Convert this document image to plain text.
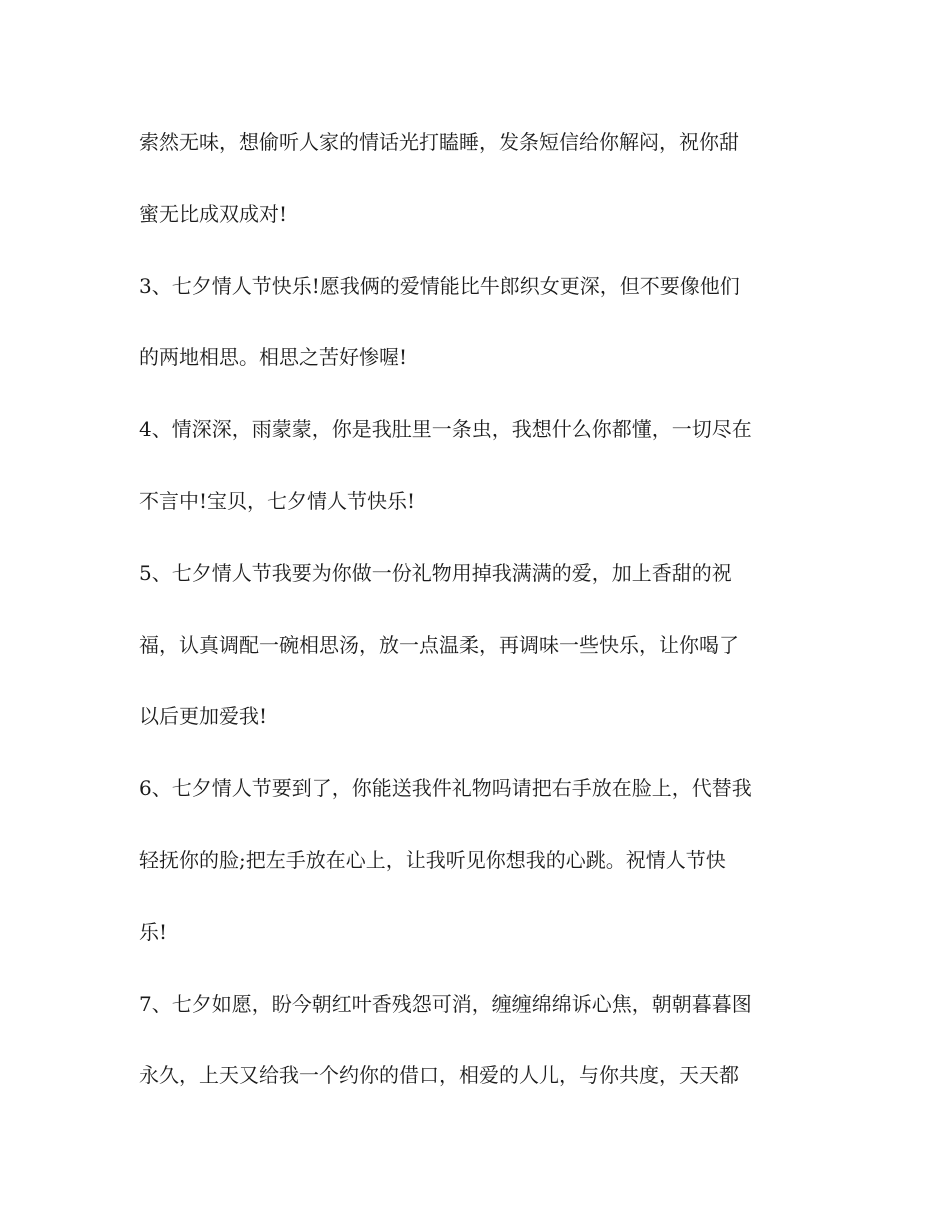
索然无味，想偷听人家的情话光打瞌睡，发条短信给你解闷，祝你甜
蜜无比成双成对!
3、七夕情人节快乐!愿我俩的爱情能比牛郎织女更深，但不要像他们
的两地相思。相思之苦好惨喔!
4、情深深，雨蒙蒙，你是我肚里一条虫，我想什么你都懂，一切尽在
不言中!宝贝，七夕情人节快乐!
5、七夕情人节我要为你做一份礼物用掉我满满的爱，加上香甜的祝
福，认真调配一碗相思汤，放一点温柔，再调味一些快乐，让你喝了
以后更加爱我!
6、七夕情人节要到了，你能送我件礼物吗请把右手放在脸上，代替我
轻抚你的脸;把左手放在心上，让我听见你想我的心跳。祝情人节快
乐!
7、七夕如愿，盼今朝红叶香残怨可消，缠缠绵绵诉心焦，朝朝暮暮图
永久，上天又给我一个约你的借口，相爱的人儿，与你共度，天天都
